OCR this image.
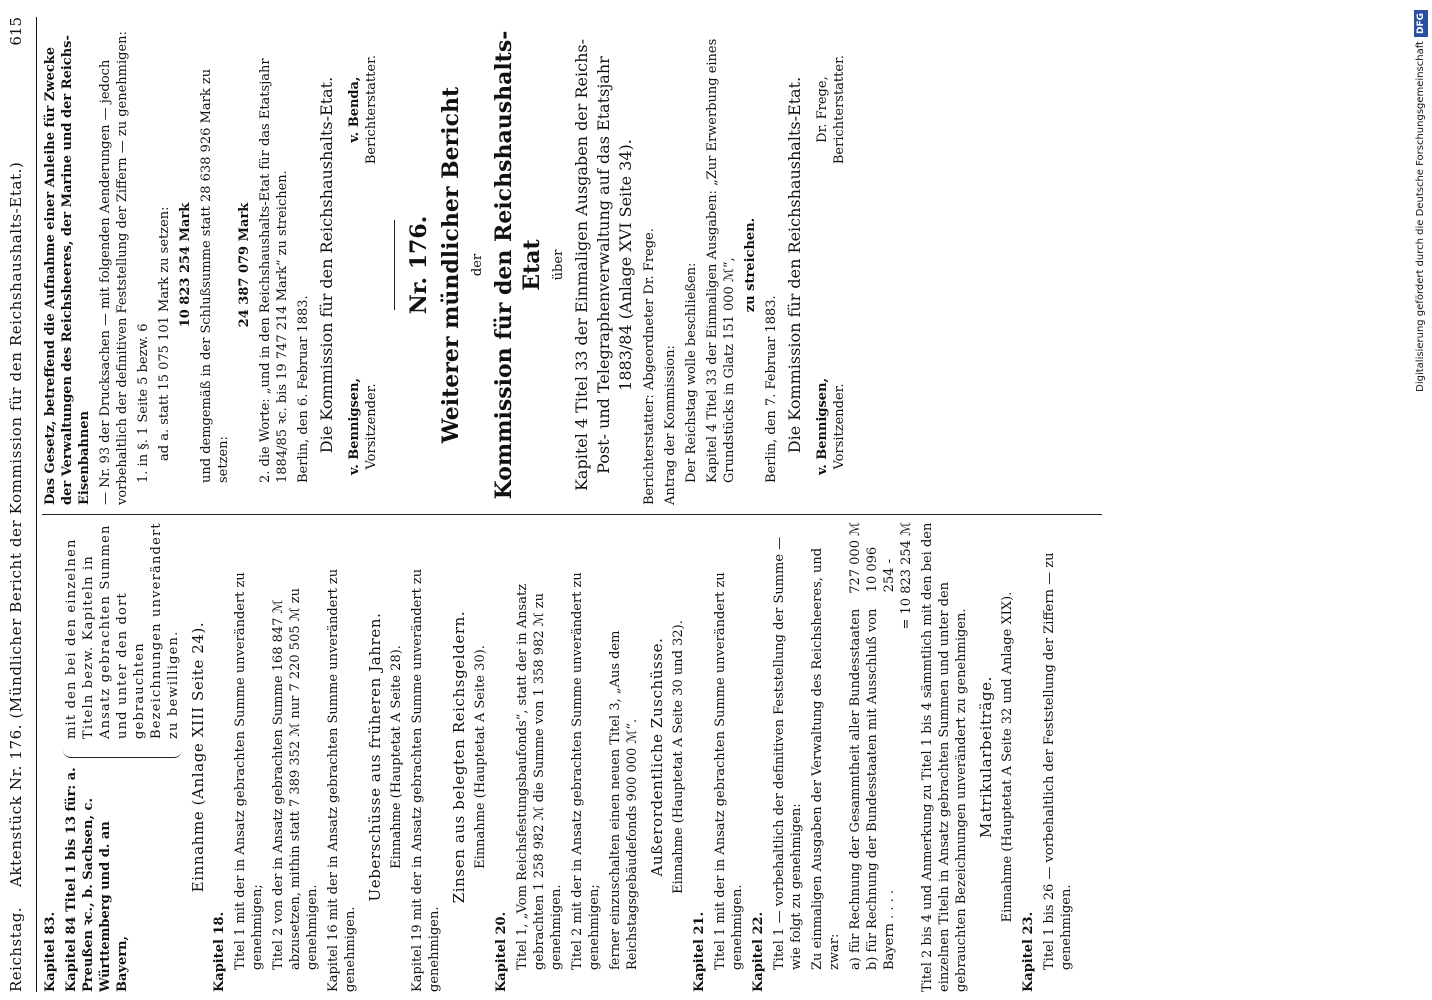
Reichstag.
Aktenstück Nr. 176. (Mündlicher Bericht der Kommission für den Reichshaushalts-Etat.)
615

Kapitel 83. Kapitel 84 Titel 1 bis 13 für: a. Preußen ꝛc., b. Sachsen, c. Württemberg und d. an Bayern,
mit den bei den einzelnen Titeln bezw. Kapiteln in Ansatz gebrachten Summen und unter den dort gebrauchten Bezeichnungen unverändert zu bewilligen. Einnahme (Anlage XIII Seite 24).

Kapitel 18. Titel 1 mit der in Ansatz gebrachten Summe unverändert zu genehmigen; Titel 2 von der in Ansatz gebrachten Summe 168 847 ℳ abzusetzen, mithin statt 7 389 352 ℳ nur 7 220 505 ℳ zu genehmigen. Kapitel 16 mit der in Ansatz gebrachten Summe unverändert zu genehmigen.

Ueberschüsse aus früheren Jahren. Einnahme (Hauptetat A Seite 28). Kapitel 19 mit der in Ansatz gebrachten Summe unverändert zu genehmigen.

Zinsen aus belegten Reichsgeldern. Einnahme (Hauptetat A Seite 30).

Kapitel 20. Titel 1, „Vom Reichsfestungsbaufonds“, statt der in Ansatz gebrachten 1 258 982 ℳ die Summe von 1 358 982 ℳ zu genehmigen. Titel 2 mit der in Ansatz gebrachten Summe unverändert zu genehmigen; ferner einzuschalten einen neuen Titel 3, „Aus dem Reichstagsgebäudefonds 900 000 ℳ“. Außerordentliche Zuschüsse. Einnahme (Hauptetat A Seite 30 und 32).

Kapitel 21. Titel 1 mit der in Ansatz gebrachten Summe unverändert zu genehmigen. Kapitel 22. Titel 1 — vorbehaltlich der definitiven Feststellung der Summe — wie folgt zu genehmigen: Zu einmaligen Ausgaben der Verwaltung des Reichsheeres, und zwar: a) für Rechnung der Gesammtheit aller Bundesstaaten
727 000 ℳ
b) für Rechnung der Bundesstaaten mit Ausschluß von Bayern . . . .
10 096 254 - = 10 823 254 ℳ Titel 2 bis 4 und Anmerkung zu Titel 1 bis 4 sämmtlich mit den bei den einzelnen Titeln in Ansatz gebrachten Summen und unter den gebrauchten Bezeichnungen unverändert zu genehmigen. Matrikularbeiträge. Einnahme (Hauptetat A Seite 32 und Anlage XIX).

Kapitel 23. Titel 1 bis 26 — vorbehaltlich der Feststellung der Ziffern — zu genehmigen.

Das Gesetz, betreffend die Aufnahme einer Anleihe für Zwecke der Verwaltungen des Reichsheeres, der Marine und der Reichs-Eisenbahnen — Nr. 93 der Drucksachen — mit folgenden Aenderungen — jedoch vorbehaltlich der definitiven Feststellung der Ziffern — zu genehmigen: 1. in §. 1 Seite 5 bezw. 6 ad a. statt 15 075 101 Mark zu setzen: 10 823 254 Mark und demgemäß in der Schlußsumme statt 28 638 926 Mark zu setzen:

24 387 079 Mark 2. die Worte: „und in den Reichshaushalts-Etat für das Etatsjahr 1884/85 ꝛc. bis 19 747 214 Mark“ zu streichen. Berlin, den 6. Februar 1883. Die Kommission für den Reichshaushalts-Etat. v. Bennigsen, Vorsitzender.
v. Benda, Berichterstatter.

Nr. 176. Weiterer mündlicher Bericht der Kommission für den Reichshaushalts-Etat über Kapitel 4 Titel 33 der Einmaligen Ausgaben der Reichs-Post- und Telegraphenverwaltung auf das Etatsjahr 1883/84 (Anlage XVI Seite 34). Berichterstatter: Abgeordneter Dr. Frege. Antrag der Kommission: Der Reichstag wolle beschließen: Kapitel 4 Titel 33 der Einmaligen Ausgaben: „Zur Erwerbung eines Grundstücks in Glatz 151 000 ℳ“, zu streichen.

Berlin, den 7. Februar 1883. Die Kommission für den Reichshaushalts-Etat. v. Bennigsen, Vorsitzender.
Dr. Frege, Berichterstatter.	Digitalisierung gefördert durch die Deutsche Forschungsgemeinschaft
DFG
